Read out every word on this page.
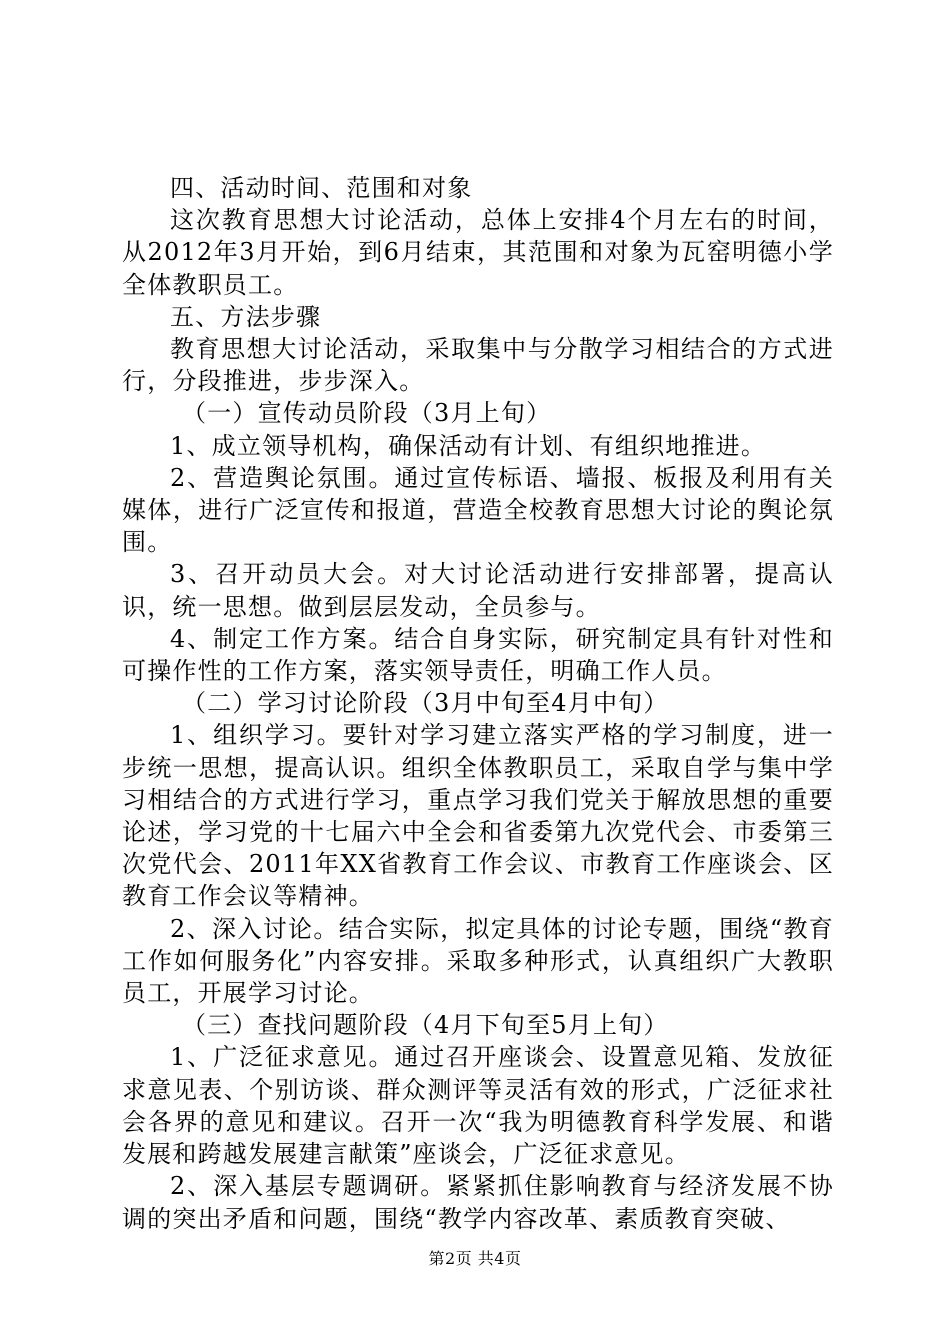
四、活动时间、范围和对象

这次教育思想大讨论活动，总体上安排4个月左右的时间，从2012年3月开始，到6月结束，其范围和对象为瓦窑明德小学全体教职员工。

五、方法步骤

教育思想大讨论活动，采取集中与分散学习相结合的方式进行，分段推进，步步深入。

（一）宣传动员阶段（3月上旬）

1、成立领导机构，确保活动有计划、有组织地推进。

2、营造舆论氛围。通过宣传标语、墙报、板报及利用有关媒体，进行广泛宣传和报道，营造全校教育思想大讨论的舆论氛围。

3、召开动员大会。对大讨论活动进行安排部署，提高认识，统一思想。做到层层发动，全员参与。

4、制定工作方案。结合自身实际，研究制定具有针对性和可操作性的工作方案，落实领导责任，明确工作人员。

（二）学习讨论阶段（3月中旬至4月中旬）

1、组织学习。要针对学习建立落实严格的学习制度，进一步统一思想，提高认识。组织全体教职员工，采取自学与集中学习相结合的方式进行学习，重点学习我们党关于解放思想的重要论述，学习党的十七届六中全会和省委第九次党代会、市委第三次党代会、2011年XX省教育工作会议、市教育工作座谈会、区教育工作会议等精神。

2、深入讨论。结合实际，拟定具体的讨论专题，围绕“教育工作如何服务化”内容安排。采取多种形式，认真组织广大教职员工，开展学习讨论。

（三）查找问题阶段（4月下旬至5月上旬）

1、广泛征求意见。通过召开座谈会、设置意见箱、发放征求意见表、个别访谈、群众测评等灵活有效的形式，广泛征求社会各界的意见和建议。召开一次“我为明德教育科学发展、和谐发展和跨越发展建言献策”座谈会，广泛征求意见。

2、深入基层专题调研。紧紧抓住影响教育与经济发展不协调的突出矛盾和问题，围绕“教学内容改革、素质教育突破、

第2页 共4页
